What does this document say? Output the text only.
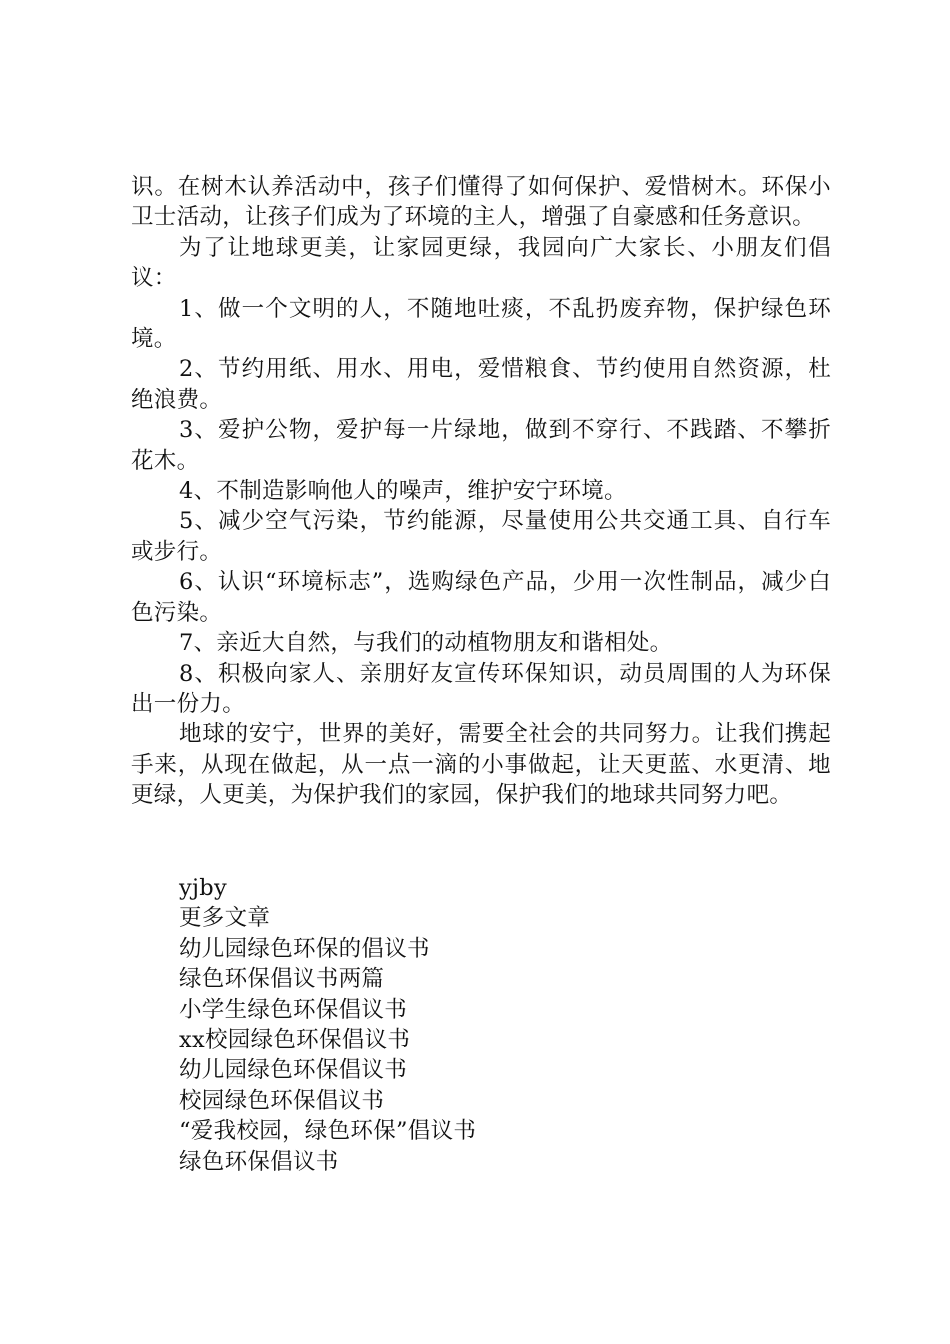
识。在树木认养活动中，孩子们懂得了如何保护、爱惜树木。环保小卫士活动，让孩子们成为了环境的主人，增强了自豪感和任务意识。

为了让地球更美，让家园更绿，我园向广大家长、小朋友们倡议：

1、做一个文明的人，不随地吐痰，不乱扔废弃物，保护绿色环境。

2、节约用纸、用水、用电，爱惜粮食、节约使用自然资源，杜绝浪费。

3、爱护公物，爱护每一片绿地，做到不穿行、不践踏、不攀折花木。

4、不制造影响他人的噪声，维护安宁环境。

5、减少空气污染，节约能源，尽量使用公共交通工具、自行车或步行。

6、认识“环境标志”，选购绿色产品，少用一次性制品，减少白色污染。

7、亲近大自然，与我们的动植物朋友和谐相处。

8、积极向家人、亲朋好友宣传环保知识，动员周围的人为环保出一份力。

地球的安宁，世界的美好，需要全社会的共同努力。让我们携起手来，从现在做起，从一点一滴的小事做起，让天更蓝、水更清、地更绿，人更美，为保护我们的家园，保护我们的地球共同努力吧。

yjby
更多文章
幼儿园绿色环保的倡议书
绿色环保倡议书两篇
小学生绿色环保倡议书
xx校园绿色环保倡议书
幼儿园绿色环保倡议书
校园绿色环保倡议书
“爱我校园，绿色环保”倡议书
绿色环保倡议书
